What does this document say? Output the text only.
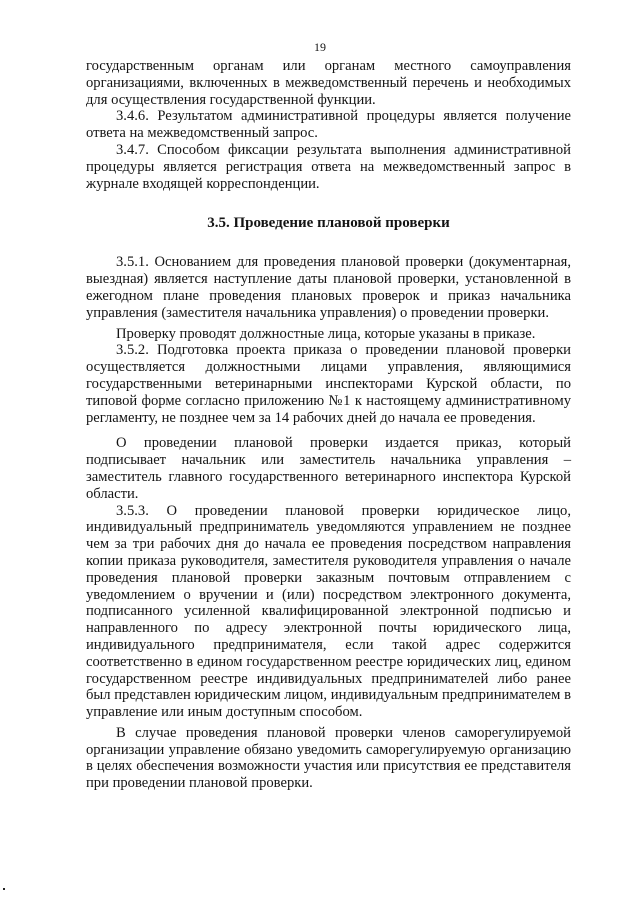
19

государственным органам или органам местного самоуправления организациями, включенных в межведомственный перечень и необходимых для осуществления государственной функции.

3.4.6. Результатом административной процедуры является получение ответа на межведомственный запрос.

3.4.7. Способом фиксации результата выполнения административной процедуры является регистрация ответа на межведомственный запрос в журнале входящей корреспонденции.

3.5. Проведение плановой проверки

3.5.1. Основанием для проведения плановой проверки (документарная, выездная) является наступление даты плановой проверки, установленной в ежегодном плане проведения плановых проверок и приказ начальника управления (заместителя начальника управления) о проведении проверки.

Проверку проводят должностные лица, которые указаны в приказе.

3.5.2. Подготовка проекта приказа о проведении плановой проверки осуществляется должностными лицами управления, являющимися государственными ветеринарными инспекторами Курской области, по типовой форме согласно приложению №1 к настоящему административному регламенту, не позднее чем за 14 рабочих дней до начала ее проведения.

О проведении плановой проверки издается приказ, который подписывает начальник или заместитель начальника управления – заместитель главного государственного ветеринарного инспектора Курской области.

3.5.3. О проведении плановой проверки юридическое лицо, индивидуальный предприниматель уведомляются управлением не позднее чем за три рабочих дня до начала ее проведения посредством направления копии приказа руководителя, заместителя руководителя управления о начале проведения плановой проверки заказным почтовым отправлением с уведомлением о вручении и (или) посредством электронного документа, подписанного усиленной квалифицированной электронной подписью и направленного по адресу электронной почты юридического лица, индивидуального предпринимателя, если такой адрес содержится соответственно в едином государственном реестре юридических лиц, едином государственном реестре индивидуальных предпринимателей либо ранее был представлен юридическим лицом, индивидуальным предпринимателем в управление или иным доступным способом.

В случае проведения плановой проверки членов саморегулируемой организации управление обязано уведомить саморегулируемую организацию в целях обеспечения возможности участия или присутствия ее представителя при проведении плановой проверки.
